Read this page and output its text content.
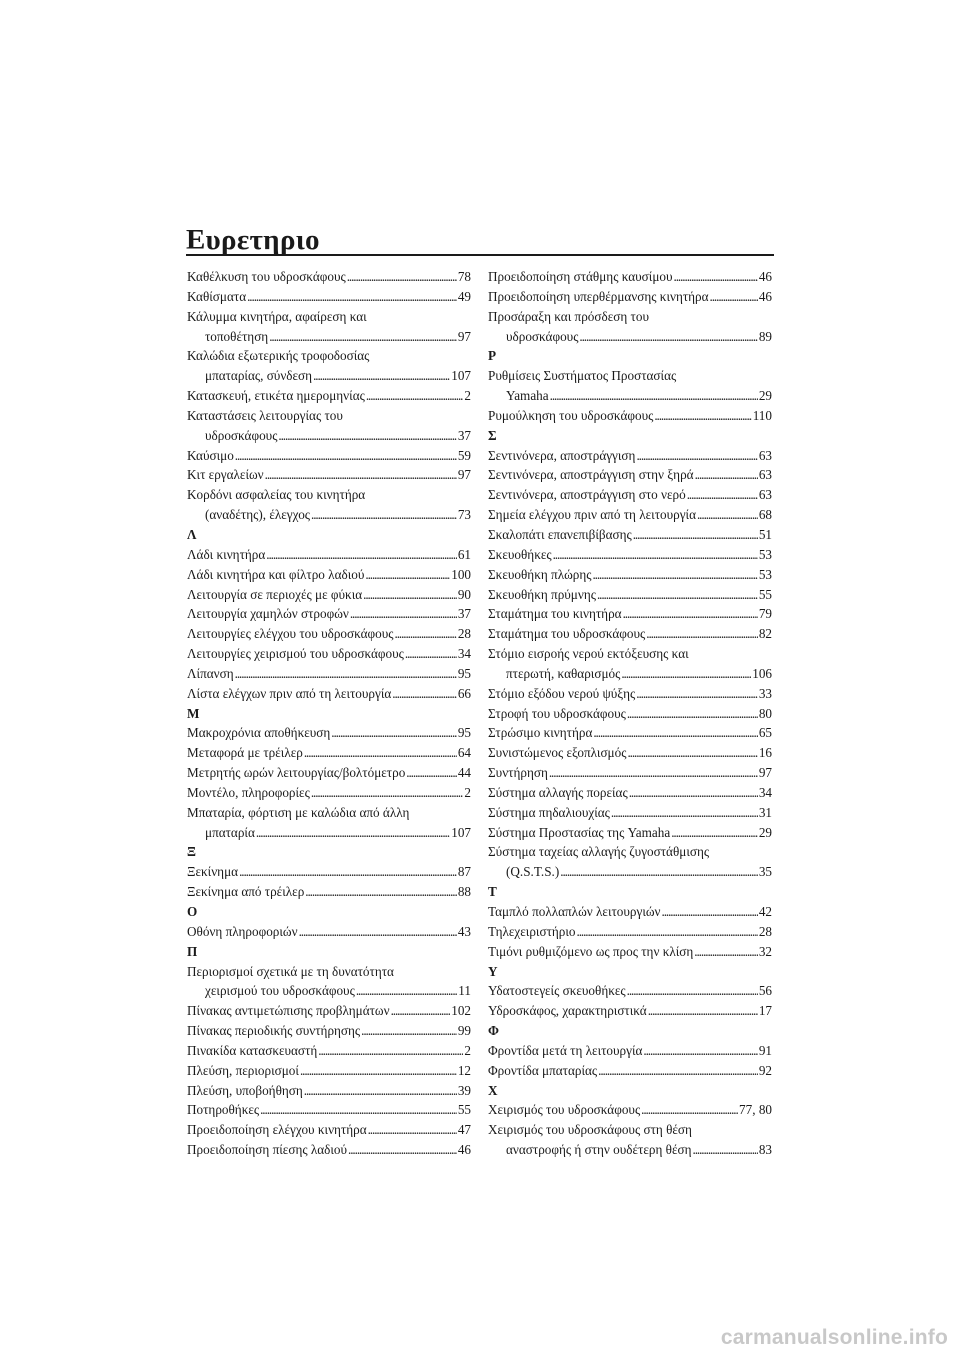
Ευρετηριο
Καθέλκυση του υδροσκάφους . . .	78
Καθίσματα . . .	49
Κάλυμμα κινητήρα, αφαίρεση και
τοποθέτηση . . .	97
Καλώδια εξωτερικής τροφοδοσίας
μπαταρίας, σύνδεση . . .	107
Κατασκευή, ετικέτα ημερομηνίας . . .	2
Καταστάσεις λειτουργίας του
υδροσκάφους . . .	37
Καύσιμο . . .	59
Κιτ εργαλείων . . .	97
Κορδόνι ασφαλείας του κινητήρα
(αναδέτης), έλεγχος . . .	73
Λ
Λάδι κινητήρα . . .	61
Λάδι κινητήρα και φίλτρο λαδιού . . .	100
Λειτουργία σε περιοχές με φύκια . . .	90
Λειτουργία χαμηλών στροφών . . .	37
Λειτουργίες ελέγχου του υδροσκάφους . . .	28
Λειτουργίες χειρισμού του υδροσκάφους . . .	34
Λίπανση . . .	95
Λίστα ελέγχων πριν από τη λειτουργία . . .	66
Μ
Μακροχρόνια αποθήκευση . . .	95
Μεταφορά με τρέιλερ . . .	64
Μετρητής ωρών λειτουργίας/βολτόμετρο . . .	44
Μοντέλο, πληροφορίες . . .	2
Μπαταρία, φόρτιση με καλώδια από άλλη
μπαταρία . . .	107
Ξ
Ξεκίνημα . . .	87
Ξεκίνημα από τρέιλερ . . .	88
Ο
Οθόνη πληροφοριών . . .	43
Π
Περιορισμοί σχετικά με τη δυνατότητα
χειρισμού του υδροσκάφους . . .	11
Πίνακας αντιμετώπισης προβλημάτων . . .	102
Πίνακας περιοδικής συντήρησης . . .	99
Πινακίδα κατασκευαστή . . .	2
Πλεύση, περιορισμοί . . .	12
Πλεύση, υποβοήθηση . . .	39
Ποτηροθήκες . . .	55
Προειδοποίηση ελέγχου κινητήρα . . .	47
Προειδοποίηση πίεσης λαδιού . . .	46
Προειδοποίηση στάθμης καυσίμου . . .	46
Προειδοποίηση υπερθέρμανσης κινητήρα . . .	46
Προσάραξη και πρόσδεση του
υδροσκάφους . . .	89
Ρ
Ρυθμίσεις Συστήματος Προστασίας
Yamaha . . .	29
Ρυμούλκηση του υδροσκάφους . . .	110
Σ
Σεντινόνερα, αποστράγγιση . . .	63
Σεντινόνερα, αποστράγγιση στην ξηρά . . .	63
Σεντινόνερα, αποστράγγιση στο νερό . . .	63
Σημεία ελέγχου πριν από τη λειτουργία . . .	68
Σκαλοπάτι επανεπιβίβασης . . .	51
Σκευοθήκες . . .	53
Σκευοθήκη πλώρης . . .	53
Σκευοθήκη πρύμνης . . .	55
Σταμάτημα του κινητήρα . . .	79
Σταμάτημα του υδροσκάφους . . .	82
Στόμιο εισροής νερού εκτόξευσης και
πτερωτή, καθαρισμός . . .	106
Στόμιο εξόδου νερού ψύξης . . .	33
Στροφή του υδροσκάφους . . .	80
Στρώσιμο κινητήρα . . .	65
Συνιστώμενος εξοπλισμός . . .	16
Συντήρηση . . .	97
Σύστημα αλλαγής πορείας . . .	34
Σύστημα πηδαλιουχίας . . .	31
Σύστημα Προστασίας της Yamaha . . .	29
Σύστημα ταχείας αλλαγής ζυγοστάθμισης
(Q.S.T.S.) . . .	35
Τ
Ταμπλό πολλαπλών λειτουργιών . . .	42
Τηλεχειριστήριο . . .	28
Τιμόνι ρυθμιζόμενο ως προς την κλίση . . .	32
Υ
Υδατοστεγείς σκευοθήκες . . .	56
Υδροσκάφος, χαρακτηριστικά . . .	17
Φ
Φροντίδα μετά τη λειτουργία . . .	91
Φροντίδα μπαταρίας . . .	92
Χ
Χειρισμός του υδροσκάφους . . .	77, 80
Χειρισμός του υδροσκάφους στη θέση
αναστροφής ή στην ουδέτερη θέση . . .	83
carmanualsonline.info
